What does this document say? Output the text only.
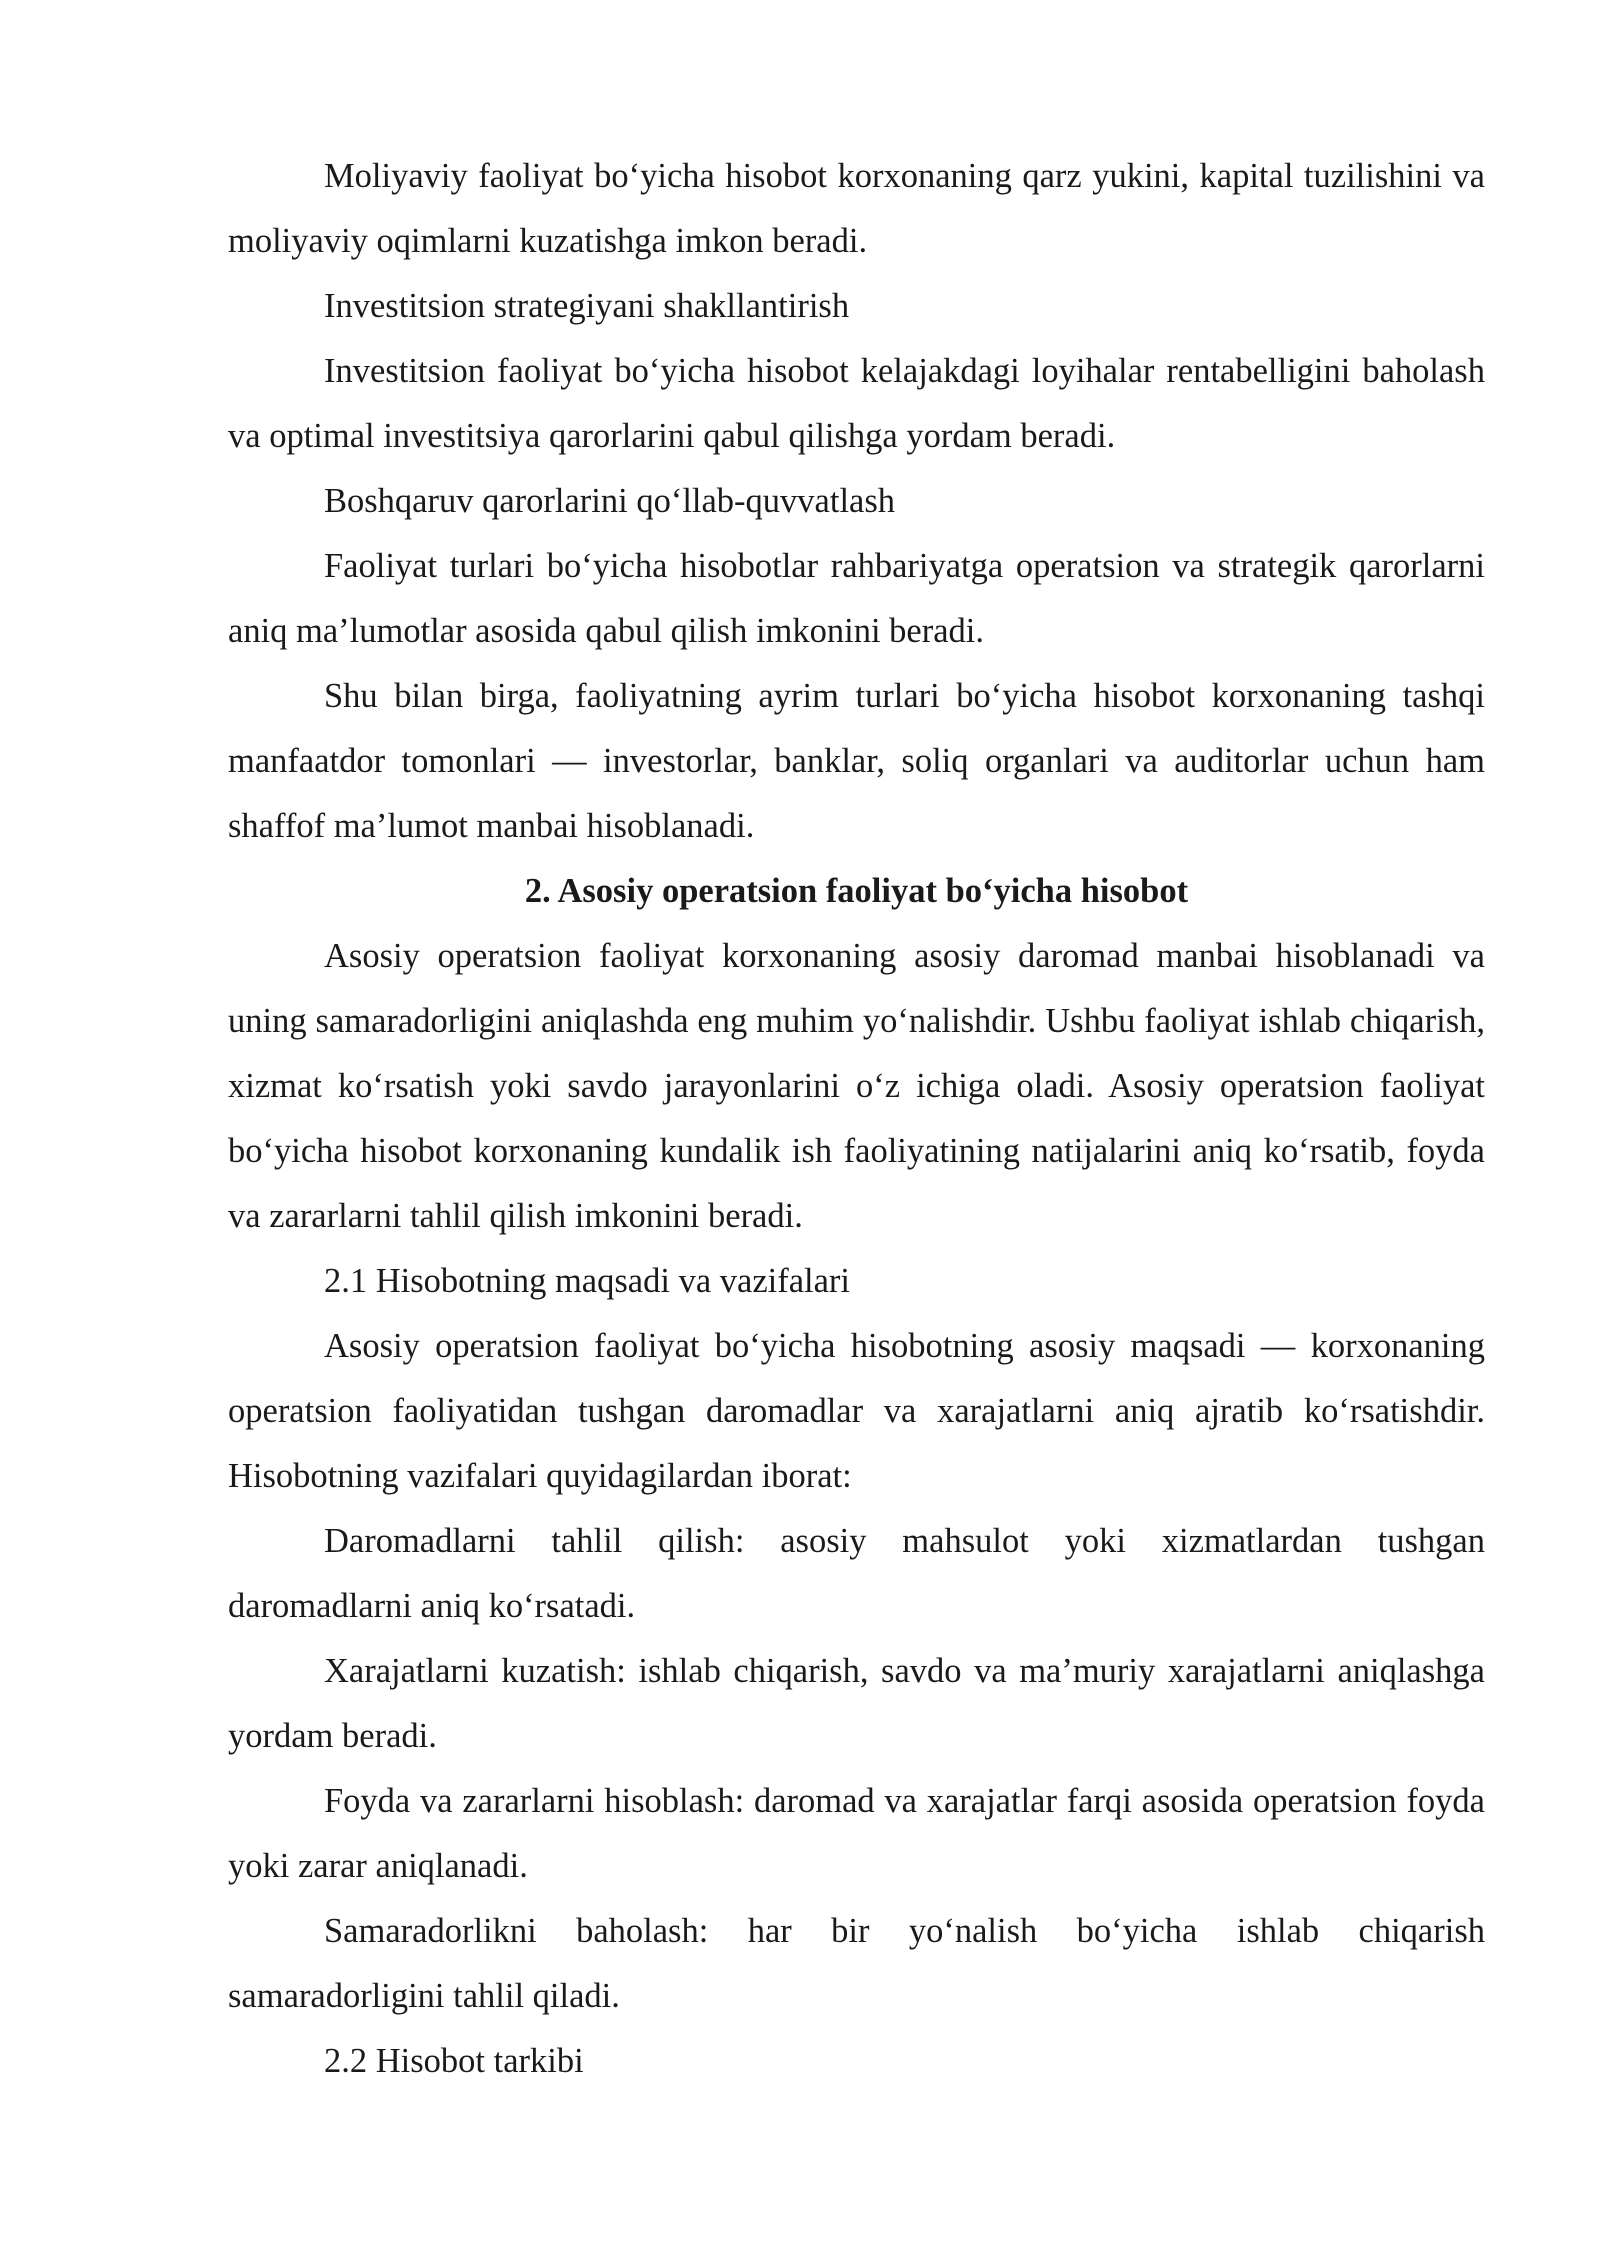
Moliyaviy faoliyat bo‘yicha hisobot korxonaning qarz yukini, kapital tuzilishini va moliyaviy oqimlarni kuzatishga imkon beradi.

Investitsion strategiyani shakllantirish

Investitsion faoliyat bo‘yicha hisobot kelajakdagi loyihalar rentabelligini baholash va optimal investitsiya qarorlarini qabul qilishga yordam beradi.

Boshqaruv qarorlarini qo‘llab-quvvatlash

Faoliyat turlari bo‘yicha hisobotlar rahbariyatga operatsion va strategik qarorlarni aniq ma’lumotlar asosida qabul qilish imkonini beradi.

Shu bilan birga, faoliyatning ayrim turlari bo‘yicha hisobot korxonaning tashqi manfaatdor tomonlari — investorlar, banklar, soliq organlari va auditorlar uchun ham shaffof ma’lumot manbai hisoblanadi.

2. Asosiy operatsion faoliyat bo‘yicha hisobot

Asosiy operatsion faoliyat korxonaning asosiy daromad manbai hisoblanadi va uning samaradorligini aniqlashda eng muhim yo‘nalishdir. Ushbu faoliyat ishlab chiqarish, xizmat ko‘rsatish yoki savdo jarayonlarini o‘z ichiga oladi. Asosiy operatsion faoliyat bo‘yicha hisobot korxonaning kundalik ish faoliyatining natijalarini aniq ko‘rsatib, foyda va zararlarni tahlil qilish imkonini beradi.

2.1 Hisobotning maqsadi va vazifalari

Asosiy operatsion faoliyat bo‘yicha hisobotning asosiy maqsadi — korxonaning operatsion faoliyatidan tushgan daromadlar va xarajatlarni aniq ajratib ko‘rsatishdir. Hisobotning vazifalari quyidagilardan iborat:

Daromadlarni tahlil qilish: asosiy mahsulot yoki xizmatlardan tushgan daromadlarni aniq ko‘rsatadi.

Xarajatlarni kuzatish: ishlab chiqarish, savdo va ma’muriy xarajatlarni aniqlashga yordam beradi.

Foyda va zararlarni hisoblash: daromad va xarajatlar farqi asosida operatsion foyda yoki zarar aniqlanadi.

Samaradorlikni baholash: har bir yo‘nalish bo‘yicha ishlab chiqarish samaradorligini tahlil qiladi.

2.2 Hisobot tarkibi
